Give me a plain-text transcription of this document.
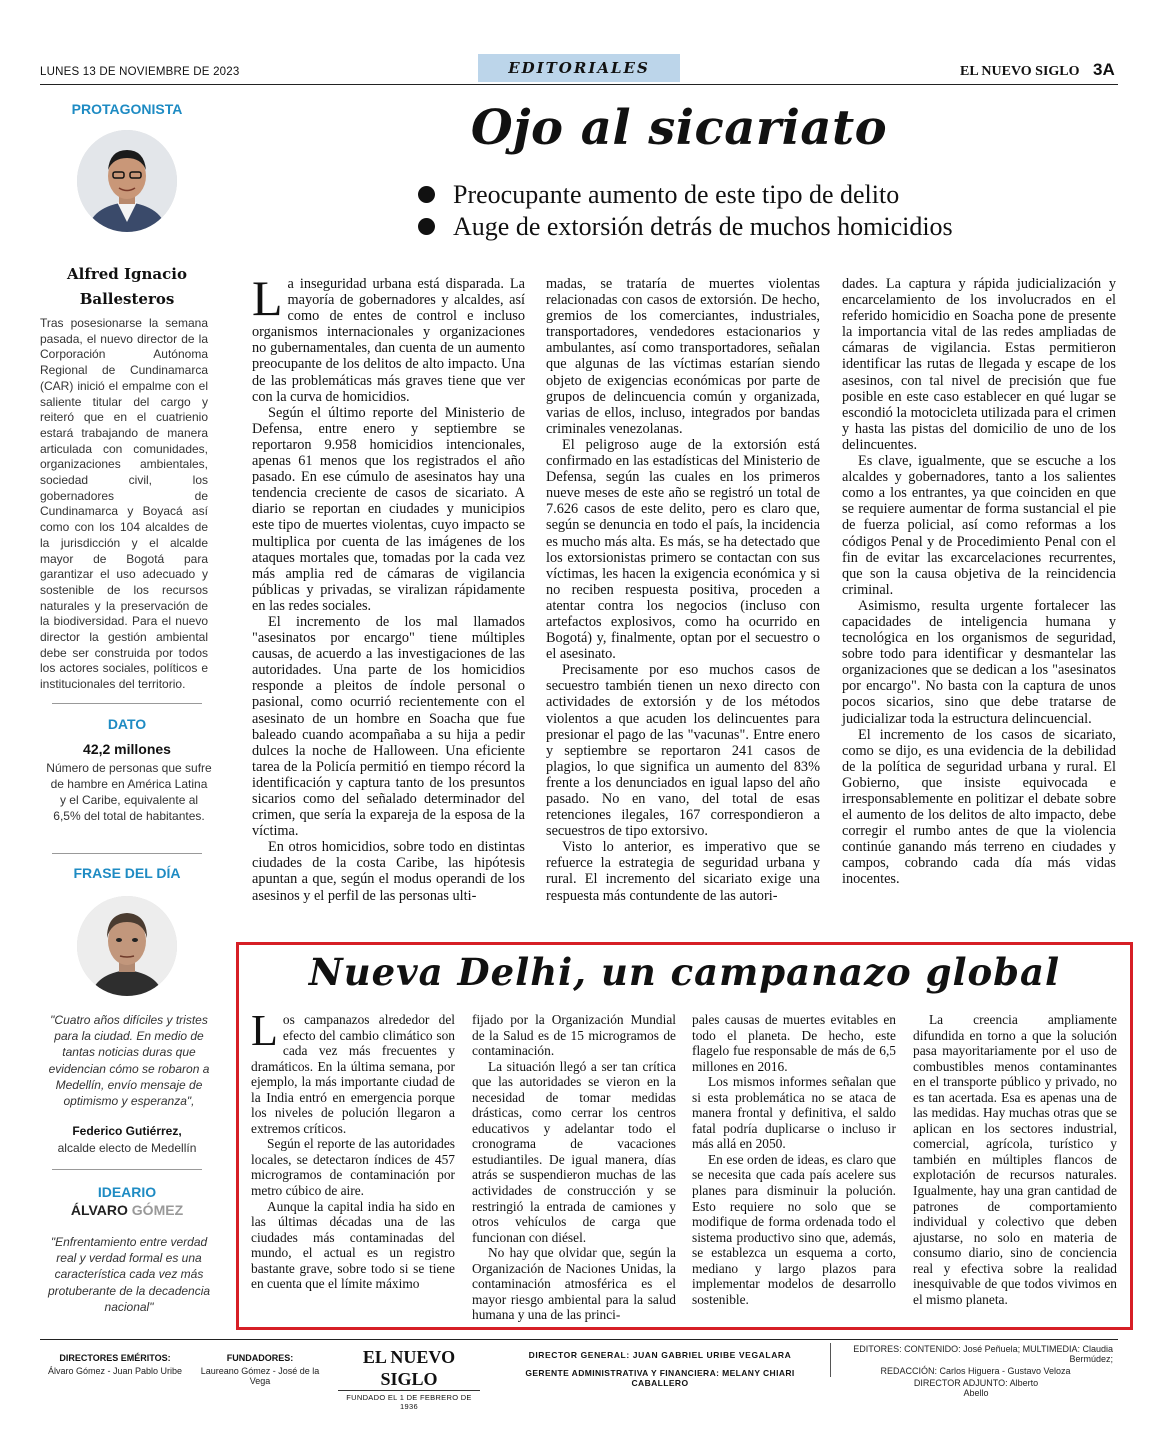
LUNES 13 DE NOVIEMBRE DE 2023	EDITORIALES	EL NUEVO SIGLO 3A
PROTAGONISTA
Alfred Ignacio
Ballesteros
Tras posesionarse la semana pasada, el nuevo director de la Corporación Autónoma Regional de Cundinamarca (CAR) inició el empalme con el saliente titular del cargo y reiteró que en el cuatrienio estará trabajando de manera articulada con comunidades, organizaciones ambientales, sociedad civil, los gobernadores de Cundinamarca y Boyacá así como con los 104 alcaldes de la jurisdicción y el alcalde mayor de Bogotá para garantizar el uso adecuado y sostenible de los recursos naturales y la preservación de la biodiversidad. Para el nuevo director la gestión ambiental debe ser construida por todos los actores sociales, políticos e institucionales del territorio.
DATO
42,2 millones
Número de personas que sufre de hambre en América Latina y el Caribe, equivalente al 6,5% del total de habitantes.
FRASE DEL DÍA
"Cuatro años difíciles y tristes para la ciudad. En medio de tantas noticias duras que evidencian cómo se robaron a Medellín, envío mensaje de optimismo y esperanza",
Federico Gutiérrez,
alcalde electo de Medellín
IDEARIO
ÁLVARO GÓMEZ
"Enfrentamiento entre verdad real y verdad formal es una característica cada vez más protuberante de la decadencia nacional"
Ojo al sicariato
Preocupante aumento de este tipo de delito
Auge de extorsión detrás de muchos homicidios

La inseguridad urbana está disparada. La mayoría de gobernadores y alcaldes, así como de entes de control e incluso organismos internacionales y organizaciones no gubernamentales, dan cuenta de un aumento preocupante de los delitos de alto impacto. Una de las problemáticas más graves tiene que ver con la curva de homicidios.

Según el último reporte del Ministerio de Defensa, entre enero y septiembre se reportaron 9.958 homicidios intencionales, apenas 61 menos que los registrados el año pasado. En ese cúmulo de asesinatos hay una tendencia creciente de casos de sicariato. A diario se reportan en ciudades y municipios este tipo de muertes violentas, cuyo impacto se multiplica por cuenta de las imágenes de los ataques mortales que, tomadas por la cada vez más amplia red de cámaras de vigilancia públicas y privadas, se viralizan rápidamente en las redes sociales.

El incremento de los mal llamados "asesinatos por encargo" tiene múltiples causas, de acuerdo a las investigaciones de las autoridades. Una parte de los homicidios responde a pleitos de índole personal o pasional, como ocurrió recientemente con el asesinato de un hombre en Soacha que fue baleado cuando acompañaba a su hija a pedir dulces la noche de Halloween. Una eficiente tarea de la Policía permitió en tiempo récord la identificación y captura tanto de los presuntos sicarios como del señalado determinador del crimen, que sería la expareja de la esposa de la víctima.

En otros homicidios, sobre todo en distintas ciudades de la costa Caribe, las hipótesis apuntan a que, según el modus operandi de los asesinos y el perfil de las personas ulti-

madas, se trataría de muertes violentas relacionadas con casos de extorsión. De hecho, gremios de los comerciantes, industriales, transportadores, vendedores estacionarios y ambulantes, así como transportadores, señalan que algunas de las víctimas estarían siendo objeto de exigencias económicas por parte de grupos de delincuencia común y organizada, varias de ellos, incluso, integrados por bandas criminales venezolanas.

El peligroso auge de la extorsión está confirmado en las estadísticas del Ministerio de Defensa, según las cuales en los primeros nueve meses de este año se registró un total de 7.626 casos de este delito, pero es claro que, según se denuncia en todo el país, la incidencia es mucho más alta. Es más, se ha detectado que los extorsionistas primero se contactan con sus víctimas, les hacen la exigencia económica y si no reciben respuesta positiva, proceden a atentar contra los negocios (incluso con artefactos explosivos, como ha ocurrido en Bogotá) y, finalmente, optan por el secuestro o el asesinato.

Precisamente por eso muchos casos de secuestro también tienen un nexo directo con actividades de extorsión y de los métodos violentos a que acuden los delincuentes para presionar el pago de las "vacunas". Entre enero y septiembre se reportaron 241 casos de plagios, lo que significa un aumento del 83% frente a los denunciados en igual lapso del año pasado. No en vano, del total de esas retenciones ilegales, 167 correspondieron a secuestros de tipo extorsivo.

Visto lo anterior, es imperativo que se refuerce la estrategia de seguridad urbana y rural. El incremento del sicariato exige una respuesta más contundente de las autori-

dades. La captura y rápida judicialización y encarcelamiento de los involucrados en el referido homicidio en Soacha pone de presente la importancia vital de las redes ampliadas de cámaras de vigilancia. Estas permitieron identificar las rutas de llegada y escape de los asesinos, con tal nivel de precisión que fue posible en este caso establecer en qué lugar se escondió la motocicleta utilizada para el crimen y hasta las pistas del domicilio de uno de los delincuentes.

Es clave, igualmente, que se escuche a los alcaldes y gobernadores, tanto a los salientes como a los entrantes, ya que coinciden en que se requiere aumentar de forma sustancial el pie de fuerza policial, así como reformas a los códigos Penal y de Procedimiento Penal con el fin de evitar las excarcelaciones recurrentes, que son la causa objetiva de la reincidencia criminal.

Asimismo, resulta urgente fortalecer las capacidades de inteligencia humana y tecnológica en los organismos de seguridad, sobre todo para identificar y desmantelar las organizaciones que se dedican a los "asesinatos por encargo". No basta con la captura de unos pocos sicarios, sino que debe tratarse de judicializar toda la estructura delincuencial.

El incremento de los casos de sicariato, como se dijo, es una evidencia de la debilidad de la política de seguridad urbana y rural. El Gobierno, que insiste equivocada e irresponsablemente en politizar el debate sobre el aumento de los delitos de alto impacto, debe corregir el rumbo antes de que la violencia continúe ganando más terreno en ciudades y campos, cobrando cada día más vidas inocentes.

Nueva Delhi, un campanazo global

Los campanazos alrededor del efecto del cambio climático son cada vez más frecuentes y dramáticos. En la última semana, por ejemplo, la más importante ciudad de la India entró en emergencia porque los niveles de polución llegaron a extremos críticos.

Según el reporte de las autoridades locales, se detectaron índices de 457 microgramos de contaminación por metro cúbico de aire.

Aunque la capital india ha sido en las últimas décadas una de las ciudades más contaminadas del mundo, el actual es un registro bastante grave, sobre todo si se tiene en cuenta que el límite máximo

fijado por la Organización Mundial de la Salud es de 15 microgramos de contaminación.

La situación llegó a ser tan crítica que las autoridades se vieron en la necesidad de tomar medidas drásticas, como cerrar los centros educativos y adelantar todo el cronograma de vacaciones estudiantiles. De igual manera, días atrás se suspendieron muchas de las actividades de construcción y se restringió la entrada de camiones y otros vehículos de carga que funcionan con diésel.

No hay que olvidar que, según la Organización de Naciones Unidas, la contaminación atmosférica es el mayor riesgo ambiental para la salud humana y una de las princi-

pales causas de muertes evitables en todo el planeta. De hecho, este flagelo fue responsable de más de 6,5 millones en 2016.

Los mismos informes señalan que si esta problemática no se ataca de manera frontal y definitiva, el saldo fatal podría duplicarse o incluso ir más allá en 2050.

En ese orden de ideas, es claro que se necesita que cada país acelere sus planes para disminuir la polución. Esto requiere no solo que se modifique de forma ordenada todo el sistema productivo sino que, además, se establezca un esquema a corto, mediano y largo plazos para implementar modelos de desarrollo sostenible.

La creencia ampliamente difundida en torno a que la solución pasa mayoritariamente por el uso de combustibles menos contaminantes en el transporte público y privado, no es tan acertada. Esa es apenas una de las medidas. Hay muchas otras que se aplican en los sectores industrial, comercial, agrícola, turístico y también en múltiples flancos de explotación de recursos naturales. Igualmente, hay una gran cantidad de patrones de comportamiento individual y colectivo que deben ajustarse, no solo en materia de consumo diario, sino de conciencia real y efectiva sobre la realidad inesquivable de que todos vivimos en el mismo planeta.

DIRECTORES EMÉRITOS:
Álvaro Gómez - Juan Pablo Uribe
FUNDADORES:
Laureano Gómez - José de la Vega
EL NUEVO SIGLO
FUNDADO EL 1 DE FEBRERO DE 1936
DIRECTOR GENERAL: JUAN GABRIEL URIBE VEGALARA
GERENTE ADMINISTRATIVA Y FINANCIERA: MELANY CHIARI CABALLERO
EDITORES: CONTENIDO: José Peñuela; MULTIMEDIA: Claudia Bermúdez;
REDACCIÓN: Carlos Higuera - Gustavo Veloza
DIRECTOR ADJUNTO: Alberto Abello
